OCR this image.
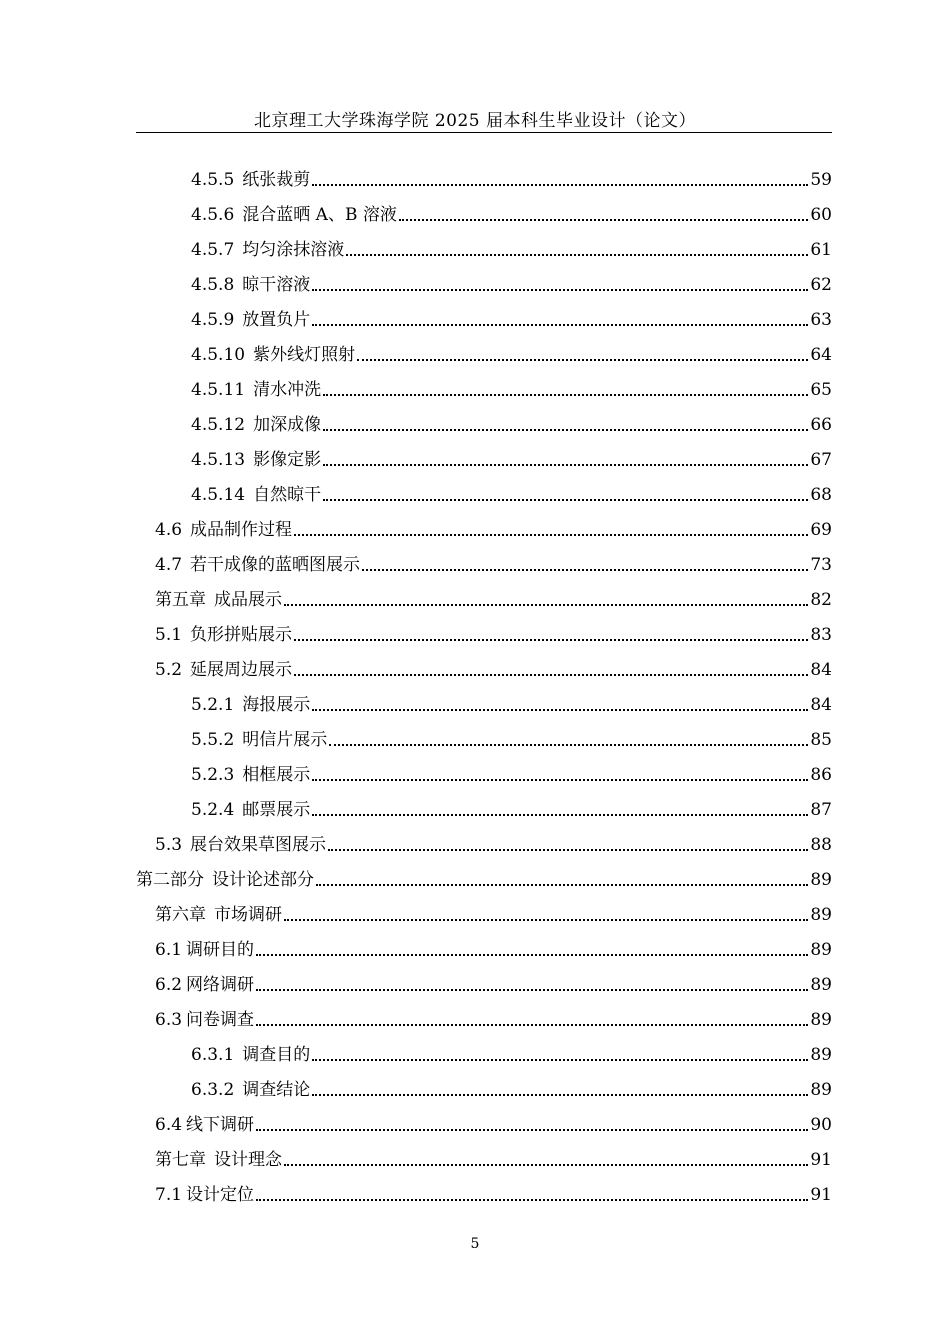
北京理工大学珠海学院 2025 届本科生毕业设计（论文）
4.5.5 纸张裁剪	59
4.5.6 混合蓝晒 A、B 溶液	60
4.5.7 均匀涂抹溶液	61
4.5.8 晾干溶液	62
4.5.9 放置负片	63
4.5.10 紫外线灯照射	64
4.5.11 清水冲洗	65
4.5.12 加深成像	66
4.5.13 影像定影	67
4.5.14 自然晾干	68
4.6 成品制作过程	69
4.7 若干成像的蓝晒图展示	73
第五章 成品展示	82
5.1 负形拼贴展示	83
5.2 延展周边展示	84
5.2.1 海报展示	84
5.5.2 明信片展示	85
5.2.3 相框展示	86
5.2.4 邮票展示	87
5.3 展台效果草图展示	88
第二部分 设计论述部分	89
第六章 市场调研	89
6.1 调研目的	89
6.2 网络调研	89
6.3 问卷调查	89
6.3.1 调查目的	89
6.3.2 调查结论	89
6.4 线下调研	90
第七章 设计理念	91
7.1 设计定位	91
5
